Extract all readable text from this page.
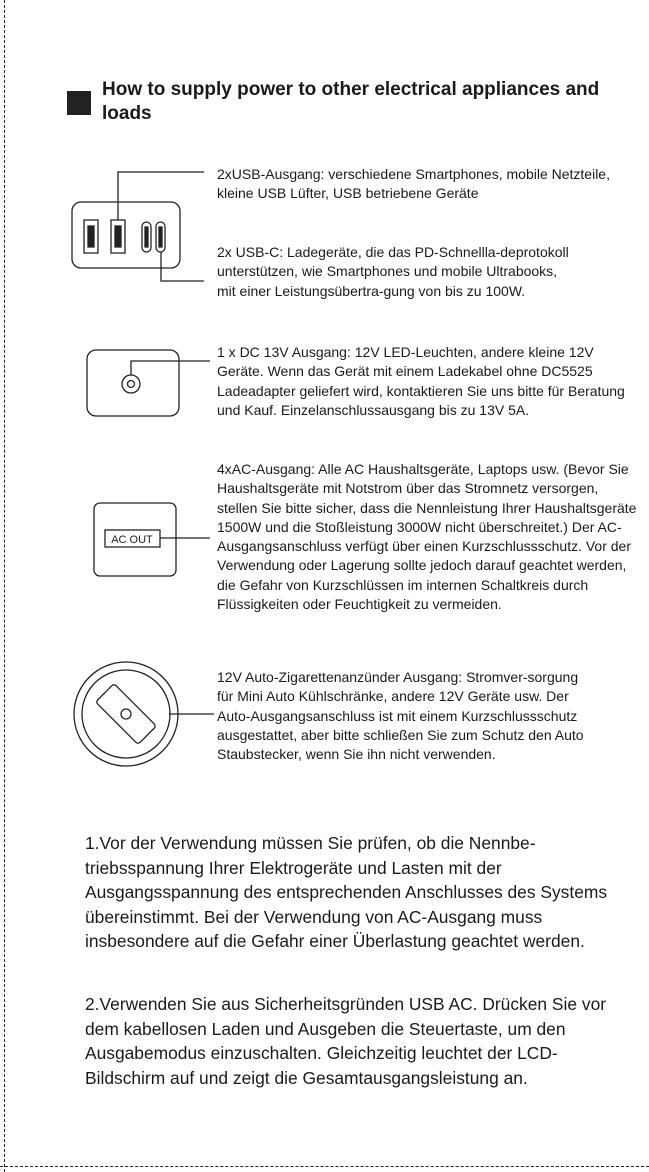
How to supply power to other electrical appliances and loads
AC OUT
2xUSB-Ausgang: verschiedene Smartphones, mobile Netzteile, kleine USB Lüfter, USB betriebene Geräte
2x USB-C: Ladegeräte, die das PD-Schnellla-deprotokoll unterstützen, wie Smartphones und mobile Ultrabooks, mit einer Leistungsübertra-gung von bis zu 100W.
1 x DC 13V Ausgang: 12V LED-Leuchten, andere kleine 12V Geräte. Wenn das Gerät mit einem Ladekabel ohne DC5525 Ladeadapter geliefert wird, kontaktieren Sie uns bitte für Beratung und Kauf. Einzelanschlussausgang bis zu 13V 5A.
4xAC-Ausgang: Alle AC Haushaltsgeräte, Laptops usw. (Bevor Sie Haushaltsgeräte mit Notstrom über das Stromnetz versorgen, stellen Sie bitte sicher, dass die Nennleistung Ihrer Haushaltsgeräte 1500W und die Stoßleistung 3000W nicht überschreitet.) Der AC-Ausgangsanschluss verfügt über einen Kurzschlussschutz. Vor der Verwendung oder Lagerung sollte jedoch darauf geachtet werden, die Gefahr von Kurzschlüssen im internen Schaltkreis durch Flüssigkeiten oder Feuchtigkeit zu vermeiden.
12V Auto-Zigarettenanzünder Ausgang: Stromver-sorgung für Mini Auto Kühlschränke, andere 12V Geräte usw. Der Auto-Ausgangsanschluss ist mit einem Kurzschlussschutz ausgestattet, aber bitte schließen Sie zum Schutz den Auto Staubstecker, wenn Sie ihn nicht verwenden.
1.Vor der Verwendung müssen Sie prüfen, ob die Nennbe-triebsspannung Ihrer Elektrogeräte und Lasten mit der Ausgangsspannung des entsprechenden Anschlusses des Systems übereinstimmt. Bei der Verwendung von AC-Ausgang muss insbesondere auf die Gefahr einer Überlastung geachtet werden.
2.Verwenden Sie aus Sicherheitsgründen USB AC. Drücken Sie vor dem kabellosen Laden und Ausgeben die Steuertaste, um den Ausgabemodus einzuschalten. Gleichzeitig leuchtet der LCD-Bildschirm auf und zeigt die Gesamtausgangsleistung an.
